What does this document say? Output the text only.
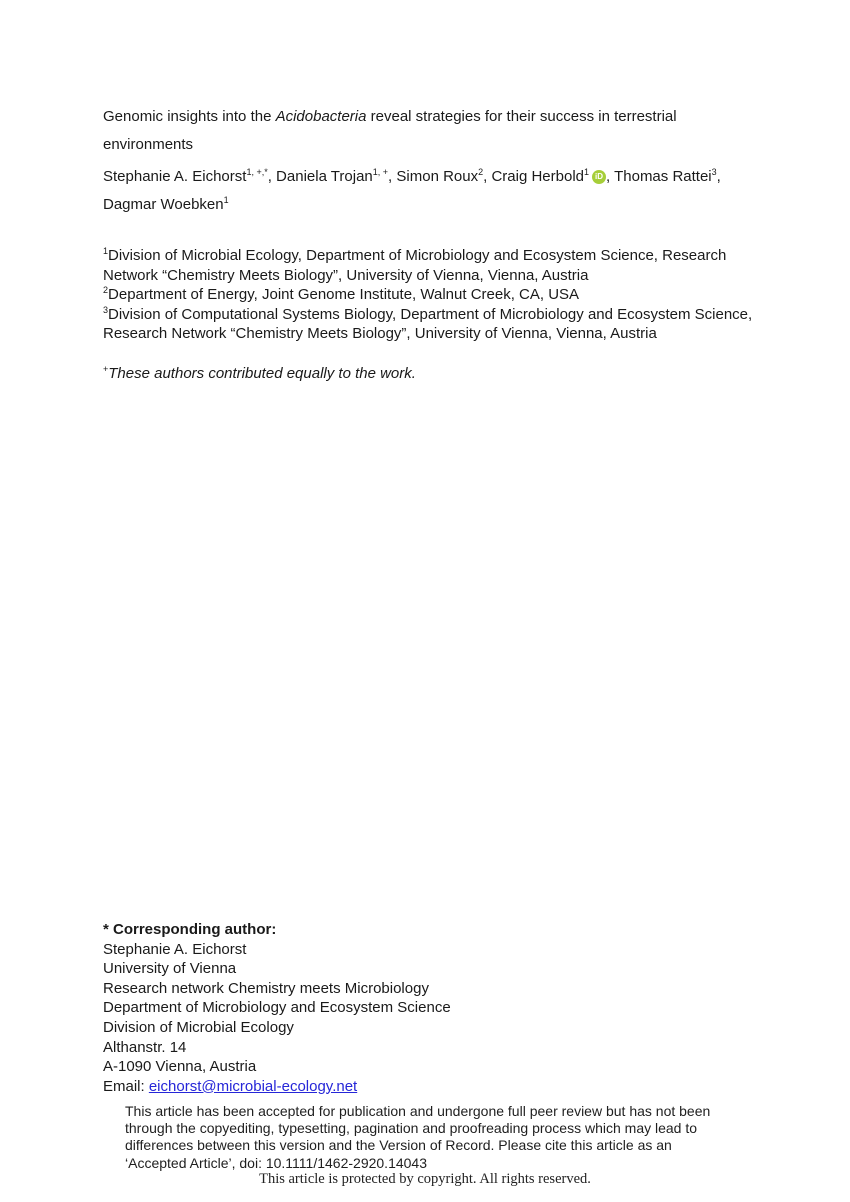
Genomic insights into the Acidobacteria reveal strategies for their success in terrestrial environments
Stephanie A. Eichorst$^{1, +,*}$, Daniela Trojan$^{1, +}$, Simon Roux$^2$, Craig Herbold$^1$ iD , Thomas Rattei$^3$, Dagmar Woebken$^1$
$^1$Division of Microbial Ecology, Department of Microbiology and Ecosystem Science, Research Network “Chemistry Meets Biology”, University of Vienna, Vienna, Austria
$^2$Department of Energy, Joint Genome Institute, Walnut Creek, CA, USA
$^3$Division of Computational Systems Biology, Department of Microbiology and Ecosystem Science, Research Network “Chemistry Meets Biology”, University of Vienna, Vienna, Austria
+These authors contributed equally to the work.
* Corresponding author:
Stephanie A. Eichorst
University of Vienna
Research network Chemistry meets Microbiology
Department of Microbiology and Ecosystem Science
Division of Microbial Ecology
Althanstr. 14
A-1090 Vienna, Austria
Email: eichorst@microbial-ecology.net
This article has been accepted for publication and undergone full peer review but has not been through the copyediting, typesetting, pagination and proofreading process which may lead to differences between this version and the Version of Record. Please cite this article as an ‘Accepted Article’, doi: 10.1111/1462-2920.14043
This article is protected by copyright. All rights reserved.
